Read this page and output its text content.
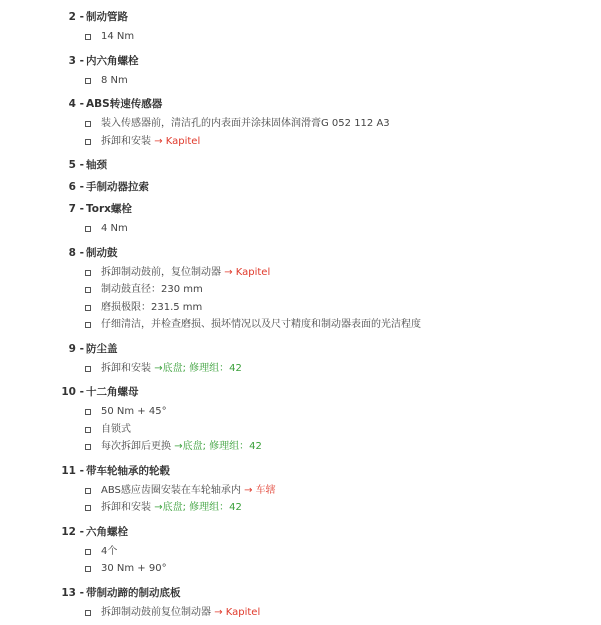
2 - 制动管路
14 Nm
3 - 内六角螺栓
8 Nm
4 - ABS转速传感器
装入传感器前，清洁孔的内表面并涂抹固体润滑膏G 052 112 A3
拆卸和安装 → Kapitel
5 - 轴颈
6 - 手制动器拉索
7 - Torx螺栓
4 Nm
8 - 制动鼓
拆卸制动鼓前，复位制动器 → Kapitel
制动鼓直径：230 mm
磨损极限：231.5 mm
仔细清洁，并检查磨损、损坏情况以及尺寸精度和制动器表面的光洁程度
9 - 防尘盖
拆卸和安装 →底盘; 修理组：42
10 - 十二角螺母
50 Nm + 45°
自锁式
每次拆卸后更换 →底盘; 修理组：42
11 - 带车轮轴承的轮毂
ABS感应齿圈安装在车轮轴承内 → 车辖
拆卸和安装 →底盘; 修理组：42
12 - 六角螺栓
4个
30 Nm + 90°
13 - 带制动蹄的制动底板
拆卸制动鼓前复位制动器 → Kapitel
